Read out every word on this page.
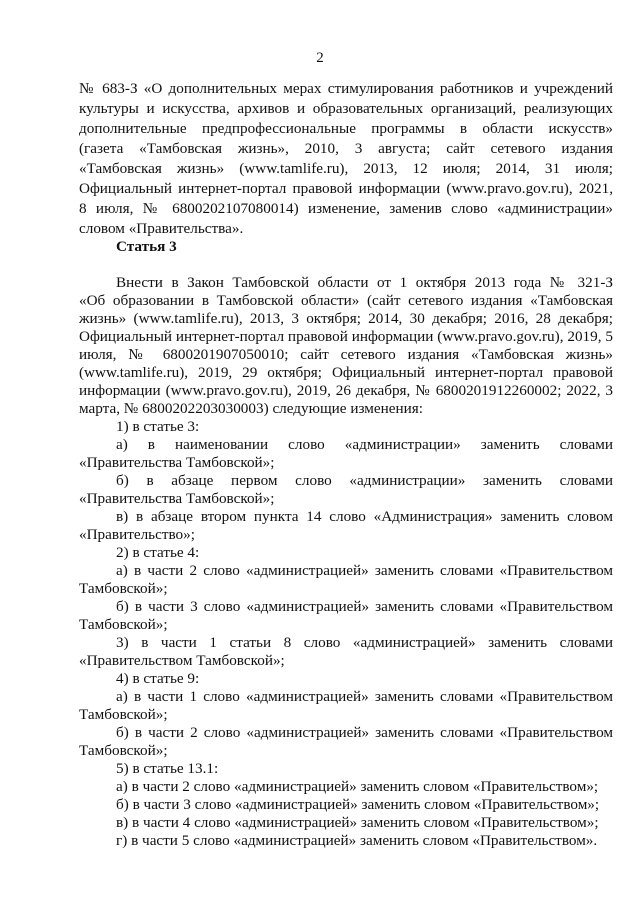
2
№ 683-З «О дополнительных мерах стимулирования работников и учреждений
культуры и искусства, архивов и образовательных организаций, реализующих
дополнительные предпрофессиональные программы в области искусств»
(газета «Тамбовская жизнь», 2010, 3 августа; сайт сетевого издания
«Тамбовская жизнь» (www.tamlife.ru), 2013, 12 июля; 2014, 31 июля;
Официальный интернет-портал правовой информации (www.pravo.gov.ru), 2021,
8 июля, № 6800202107080014) изменение, заменив слово «администрации»
словом «Правительства».
Статья 3
Внести в Закон Тамбовской области от 1 октября 2013 года № 321-З
«Об образовании в Тамбовской области» (сайт сетевого издания «Тамбовская
жизнь» (www.tamlife.ru), 2013, 3 октября; 2014, 30 декабря; 2016, 28 декабря;
Официальный интернет-портал правовой информации (www.pravo.gov.ru), 2019, 5
июля, № 6800201907050010; сайт сетевого издания «Тамбовская жизнь»
(www.tamlife.ru), 2019, 29 октября; Официальный интернет-портал правовой
информации (www.pravo.gov.ru), 2019, 26 декабря, № 6800201912260002; 2022, 3
марта, № 6800202203030003) следующие изменения:
1) в статье 3:
а) в наименовании слово «администрации» заменить словами
«Правительства Тамбовской»;
б) в абзаце первом слово «администрации» заменить словами
«Правительства Тамбовской»;
в) в абзаце втором пункта 14 слово «Администрация» заменить словом
«Правительство»;
2) в статье 4:
а) в части 2 слово «администрацией» заменить словами «Правительством
Тамбовской»;
б) в части 3 слово «администрацией» заменить словами «Правительством
Тамбовской»;
3) в части 1 статьи 8 слово «администрацией» заменить словами
«Правительством Тамбовской»;
4) в статье 9:
а) в части 1 слово «администрацией» заменить словами «Правительством
Тамбовской»;
б) в части 2 слово «администрацией» заменить словами «Правительством
Тамбовской»;
5) в статье 13.1:
а) в части 2 слово «администрацией» заменить словом «Правительством»;
б) в части 3 слово «администрацией» заменить словом «Правительством»;
в) в части 4 слово «администрацией» заменить словом «Правительством»;
г) в части 5 слово «администрацией» заменить словом «Правительством».
